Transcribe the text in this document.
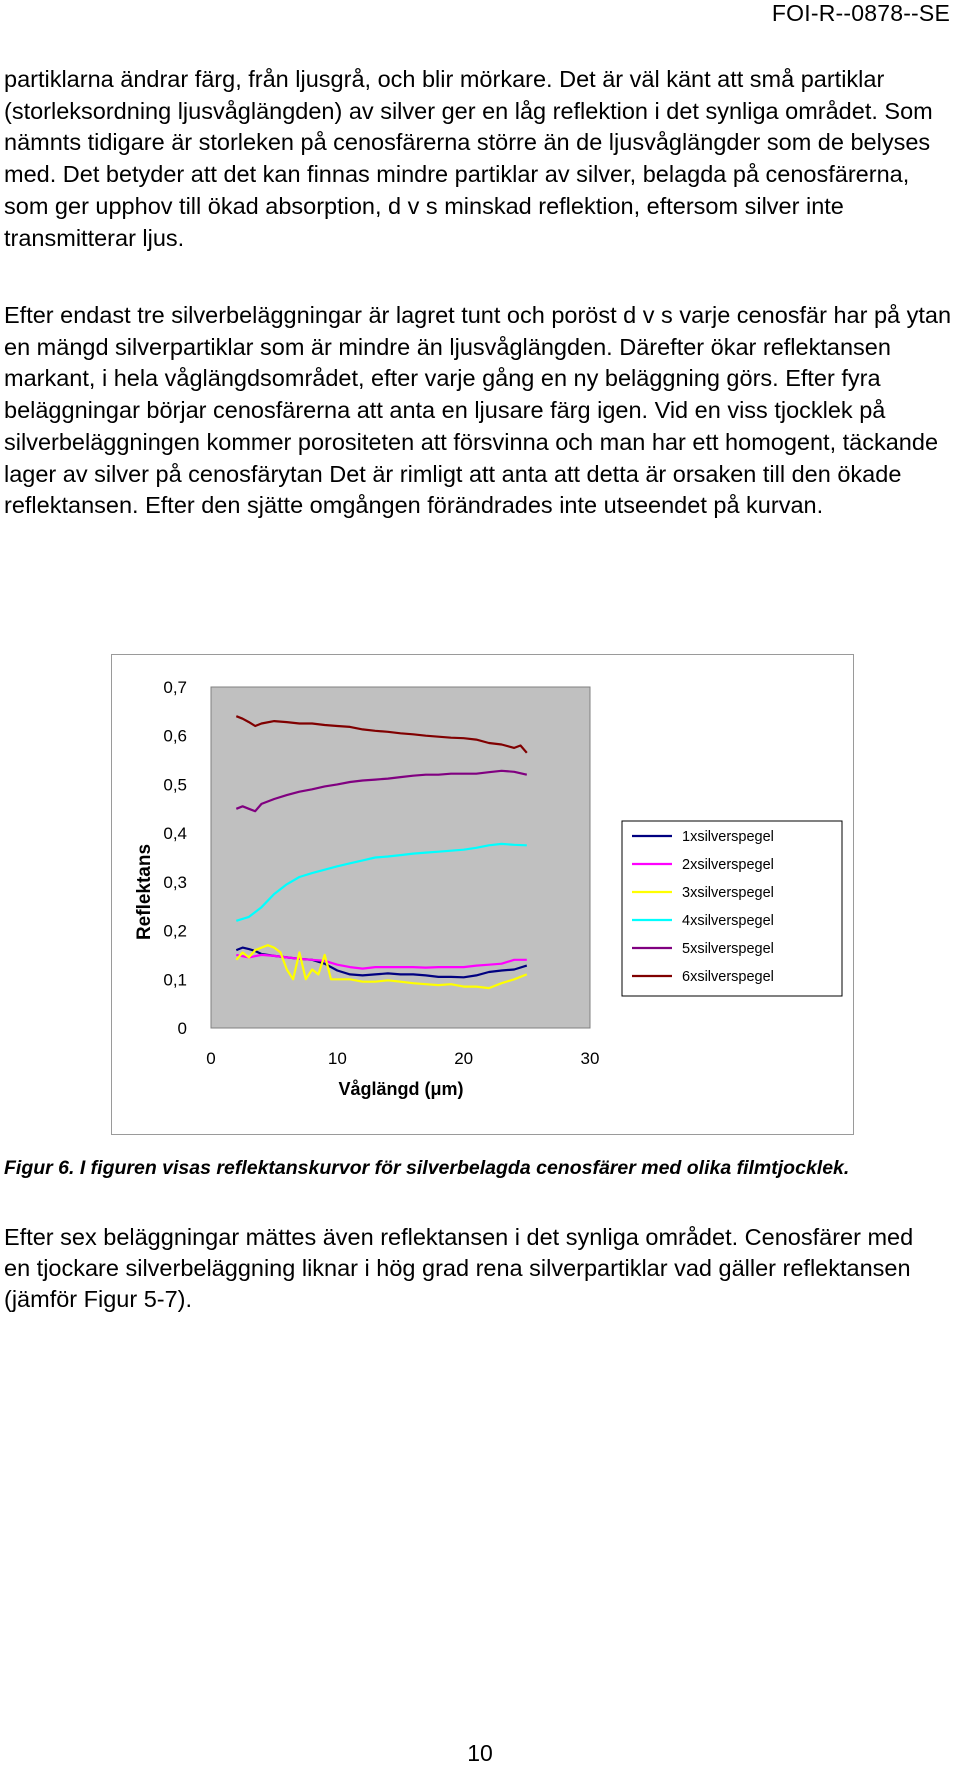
FOI-R--0878--SE

partiklarna ändrar färg, från ljusgrå, och blir mörkare. Det är väl känt att små partiklar (storleksordning ljusvåglängden) av silver ger en låg reflektion i det synliga området. Som nämnts tidigare är storleken på cenosfärerna större än de ljusvåglängder som de belyses med. Det betyder att det kan finnas mindre partiklar av silver, belagda på cenosfärerna, som ger upphov till ökad absorption, d v s minskad reflektion, eftersom silver inte transmitterar ljus.

Efter endast tre silverbeläggningar är lagret tunt och poröst d v s varje cenosfär har på ytan en mängd silverpartiklar som är mindre än ljusvåglängden. Därefter ökar reflektansen markant, i hela våglängdsområdet, efter varje gång en ny beläggning görs. Efter fyra beläggningar börjar cenosfärerna att anta en ljusare färg igen. Vid en viss tjocklek på silverbeläggningen kommer porositeten att försvinna och man har ett homogent, täckande lager av silver på cenosfärytan Det är rimligt att anta att detta är orsaken till den ökade reflektansen. Efter den sjätte omgången förändrades inte utseendet på kurvan.

0
0,1
0,2
0,3
0,4
0,5
0,6
0,7
0	10	20	30
1xsilverspegel
2xsilverspegel
3xsilverspegel
4xsilverspegel
5xsilverspegel
6xsilverspegel
Reflektans
Våglängd (μm)
Figur 6. I figuren visas reflektanskurvor för silverbelagda cenosfärer med olika filmtjocklek.

Efter sex beläggningar mättes även reflektansen i det synliga området. Cenosfärer med en tjockare silverbeläggning liknar i hög grad rena silverpartiklar vad gäller reflektansen (jämför Figur 5-7).

10
